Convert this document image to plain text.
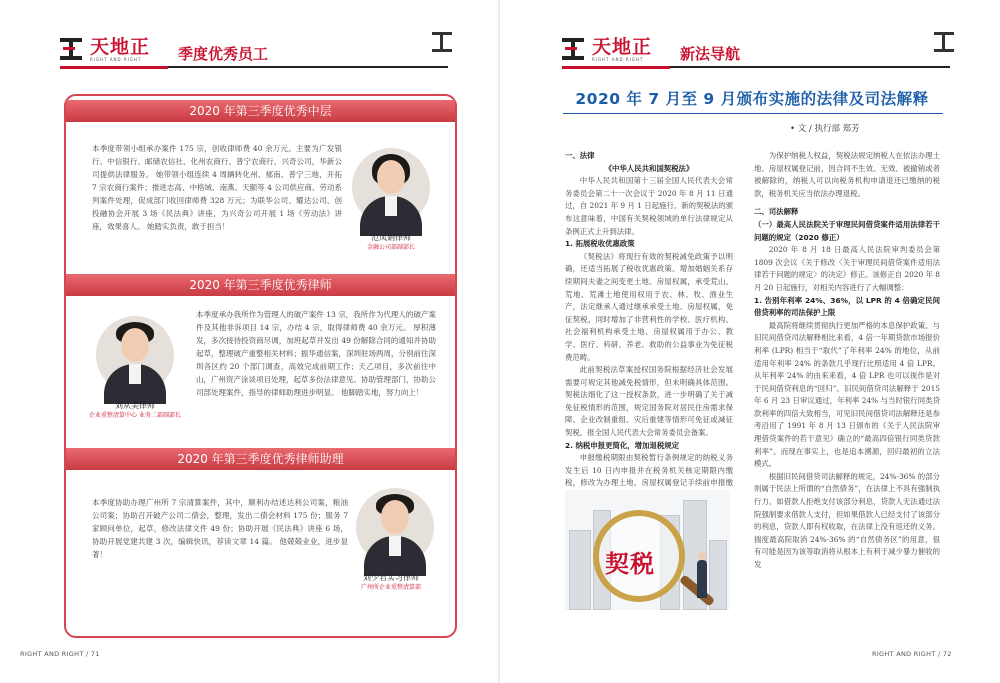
天地正
RIGHT AND RIGHT	季度优秀员工
2020 年第三季度优秀中层
本季度带领小组承办案件 175 宗，创收律师费 40 余万元。主要为广发银行、中信银行、邮储农信社、化州农商行、普宁农商行、兴奇公司，华新公司提供法律服务。 她带领小组连续 4 周辆转化州、郁南、普宁三地，开拓 7 宗农商行案件；推进志高、中格域、南燕、天颐等 4 公司供应商、劳动系列案件处理，促成部门收回律师费 328 万元；为联华公司、耀达公司、创投融协会开展 3 场《民法典》讲座，为兴奇公司开展 1 场《劳动法》讲座，效果喜人。 她踏实负责，敢于担当！
范凤娟律师
金融公司部副部长
2020 年第三季度优秀律师
本季度承办我所作为管理人的破产案件 13 宗，我所作为代理人的破产案件及其他非诉项目 14 宗，办结 4 宗，取得律师费 40 余万元。 厚积薄发，多次接待投资商尽调，加班起草并发出 49 份解除合同的通知并协助起草，整理破产重整相关材料；振华通信案，深圳驻场两周，分别前往深圳各区约 20 个部门调查，高效完成前期工作；天乙项目，多次前往中山，广州资产涂谈项目处理，起草多份法律意见。协助管理部门，协助公司部处理案件，指导的律师助理进步明显。 他脚踏实地，努力向上！
刘从美律师
企业重整清算中心 业务二部副部长
2020 年第三季度优秀律师助理
本季度协助办理广州所 7 宗清算案件，其中，顺利办结述达利公司案，粮油公司案；协助召开破产公司二债会，整理，发出二债会材料 175 份；服务 7 家顾问单位，起草，修改法律文件 49 份；协助开展《民法典》讲座 6 场，协助开展党建共建 3 次，编辑快讯，荐读文章 14 篇。 他兢兢业业，进步显著！
刘少君实习律师
广州所企业重整清算部
RIGHT AND RIGHT / 71
天地正
RIGHT AND RIGHT	新法导航
RIGHT AND RIGHT / 72
2020 年 7 月至 9 月颁布实施的法律及司法解释
• 文 / 执行部 郑芳

一、法律

《中华人民共和国契税法》

中华人民共和国第十三届全国人民代表大会常务委员会第二十一次会议于 2020 年 8 月 11 日通过，自 2021 年 9 月 1 日起施行。新的契税法的颁布这意味着，中国有关契税领域的单行法律规定从条例正式上升到法律。

1. 拓展税收优惠政策

《契税法》将现行有效的契税减免政策予以明确，还适当拓展了税收优惠政策。增加婚姻关系存续期间夫妻之间变更土地、房屋权属，承受荒山、荒地、荒滩土地使用权用于农、林、牧、渔业生产，法定继承人通过继承承受土地、房屋权属，免征契税，同时增加了非营利性的学校、医疗机构、社会福利机构承受土地、房屋权属用于办公、教学、医疗、科研、养老、救助的公益事业为免征税费范畴。

此前契税法草案授权国务院根据经济社会发展需要可规定其他减免税情形，但未明确具体范围。契税法细化了这一授权条款，进一步明确了关于减免征税情形的范围，规定国务院对居民住房需求保障、企业改制重组、灾后重建等情形可免征或减征契税，报全国人民代表大会常务委员会备案。

2. 纳税申报更简化，增加退税规定

申报缴税期限由契税暂行条例规定的纳税义务发生后 10 日内申报并在税务机关核定期限内缴税，修改为办理土地、房屋权属登记手续前申报缴

契税

为保护纳税人权益，契税法规定纳税人在依法办理土地、房屋权属登记前，因合同不生效、无效、被撤销或者被解除的，纳税人可以向税务机构申请退还已缴纳的税款，税务机关应当依法办理退税。

二、司法解释

（一）最高人民法院关于审理民间借贷案件适用法律若干问题的规定（2020 修正）

2020 年 8 月 18 日最高人民法院审判委员会第 1809 次会议《关于修改〈关于审理民间借贷案件适用法律若干问题的规定〉的决定》修正。该修正自 2020 年 8 月 20 日起施行，对相关内容进行了大幅调整：

1. 告别年利率 24%、36%，以 LPR 的 4 倍确定民间借贷利率的司法保护上限

最高院将继续贯彻执行更加严格的本息保护政策。与旧民间借贷司法解释相比来看，4 倍一年期贷款市场报价利率 (LPR) 相当于“取代”了年利率 24% 的地位，从前适用年利率 24% 的条款几乎现行比照适用 4 倍 LPR。从年利率 24% 的由来来看，4 倍 LPR 也可以视作是对于民间借贷利息的“回归”。旧民间借贷司法解释于 2015 年 6 月 23 日审议通过，年利率 24% 与当时银行同类贷款利率的四倍大致相当，可见旧民间借贷司法解释还是参考沿用了 1991 年 8 月 13 日颁布的《关于人民法院审理借贷案件的若干意见》确立的“最高四倍银行同类贷款利率”。而现在事实上，也是追本溯源，回归最初的立法模式。

根据旧民间借贷司法解释的规定，24%-36% 的部分则属于民法上所谓的“自然债务”，在法律上不具有强制执行力。如借款人拒绝支付该部分利息，贷款人无法通过法院强制要求借款人支付，但如果借款人已经支付了该部分的利息，贷款人即有权收取，在法律上没有返还的义务。揣度最高院取消 24%-36% 的“自然债务区”的用意，很有可能是因为该等取消将从根本上有利于减少暴力催收的发
